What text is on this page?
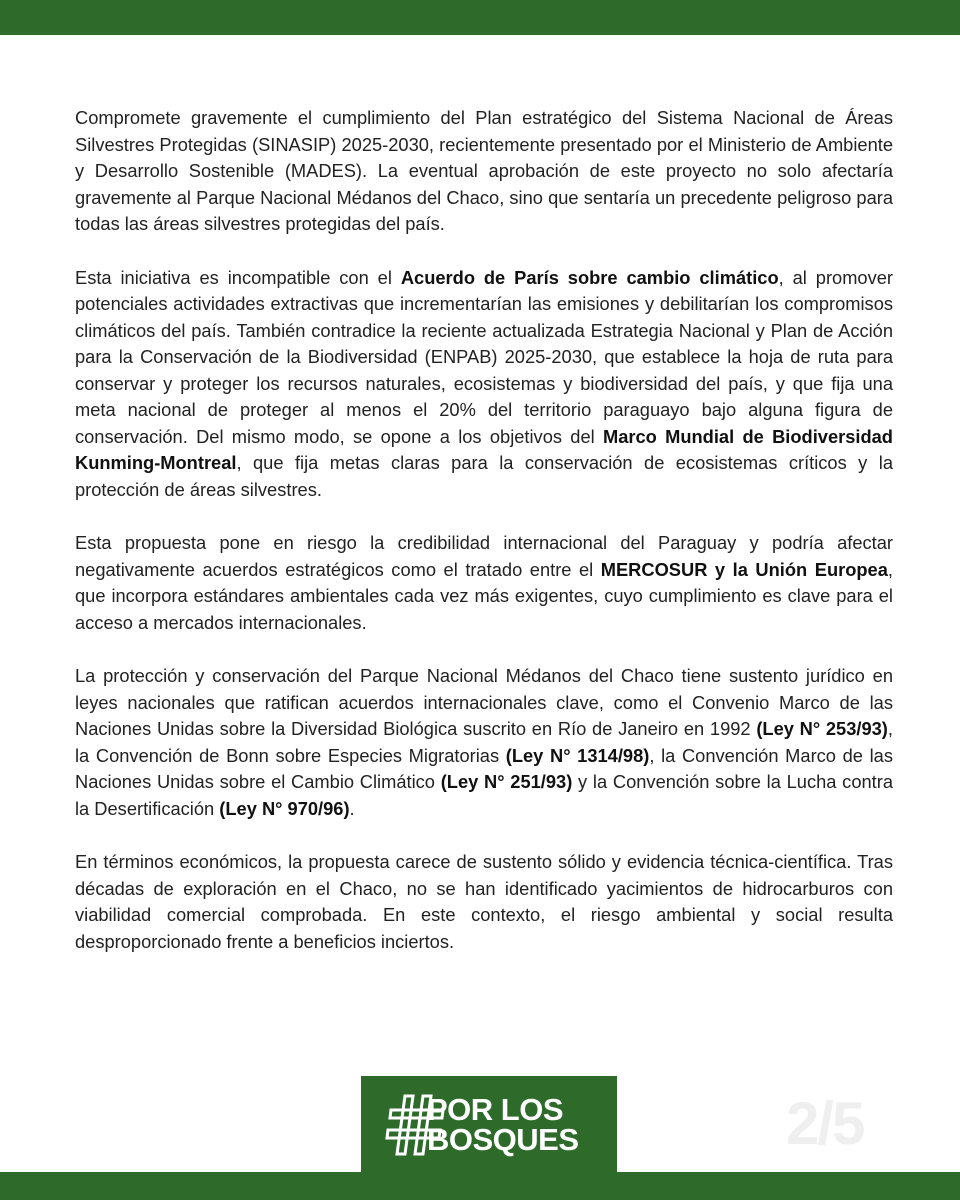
Compromete gravemente el cumplimiento del Plan estratégico del Sistema Nacional de Áreas Silvestres Protegidas (SINASIP) 2025-2030, recientemente presentado por el Ministerio de Ambiente y Desarrollo Sostenible (MADES). La eventual aprobación de este proyecto no solo afectaría gravemente al Parque Nacional Médanos del Chaco, sino que sentaría un precedente peligroso para todas las áreas silvestres protegidas del país.

Esta iniciativa es incompatible con el Acuerdo de París sobre cambio climático, al promover potenciales actividades extractivas que incrementarían las emisiones y debilitarían los compromisos climáticos del país. También contradice la reciente actualizada Estrategia Nacional y Plan de Acción para la Conservación de la Biodiversidad (ENPAB) 2025-2030, que establece la hoja de ruta para conservar y proteger los recursos naturales, ecosistemas y biodiversidad del país, y que fija una meta nacional de proteger al menos el 20% del territorio paraguayo bajo alguna figura de conservación. Del mismo modo, se opone a los objetivos del Marco Mundial de Biodiversidad Kunming-Montreal, que fija metas claras para la conservación de ecosistemas críticos y la protección de áreas silvestres.

Esta propuesta pone en riesgo la credibilidad internacional del Paraguay y podría afectar negativamente acuerdos estratégicos como el tratado entre el MERCOSUR y la Unión Europea, que incorpora estándares ambientales cada vez más exigentes, cuyo cumplimiento es clave para el acceso a mercados internacionales.

La protección y conservación del Parque Nacional Médanos del Chaco tiene sustento jurídico en leyes nacionales que ratifican acuerdos internacionales clave, como el Convenio Marco de las Naciones Unidas sobre la Diversidad Biológica suscrito en Río de Janeiro en 1992 (Ley N° 253/93), la Convención de Bonn sobre Especies Migratorias (Ley N° 1314/98), la Convención Marco de las Naciones Unidas sobre el Cambio Climático (Ley N° 251/93) y la Convención sobre la Lucha contra la Desertificación (Ley N° 970/96).

En términos económicos, la propuesta carece de sustento sólido y evidencia técnica-científica. Tras décadas de exploración en el Chaco, no se han identificado yacimientos de hidrocarburos con viabilidad comercial comprobada. En este contexto, el riesgo ambiental y social resulta desproporcionado frente a beneficios inciertos.

POR LOS
BOSQUES	2/5
